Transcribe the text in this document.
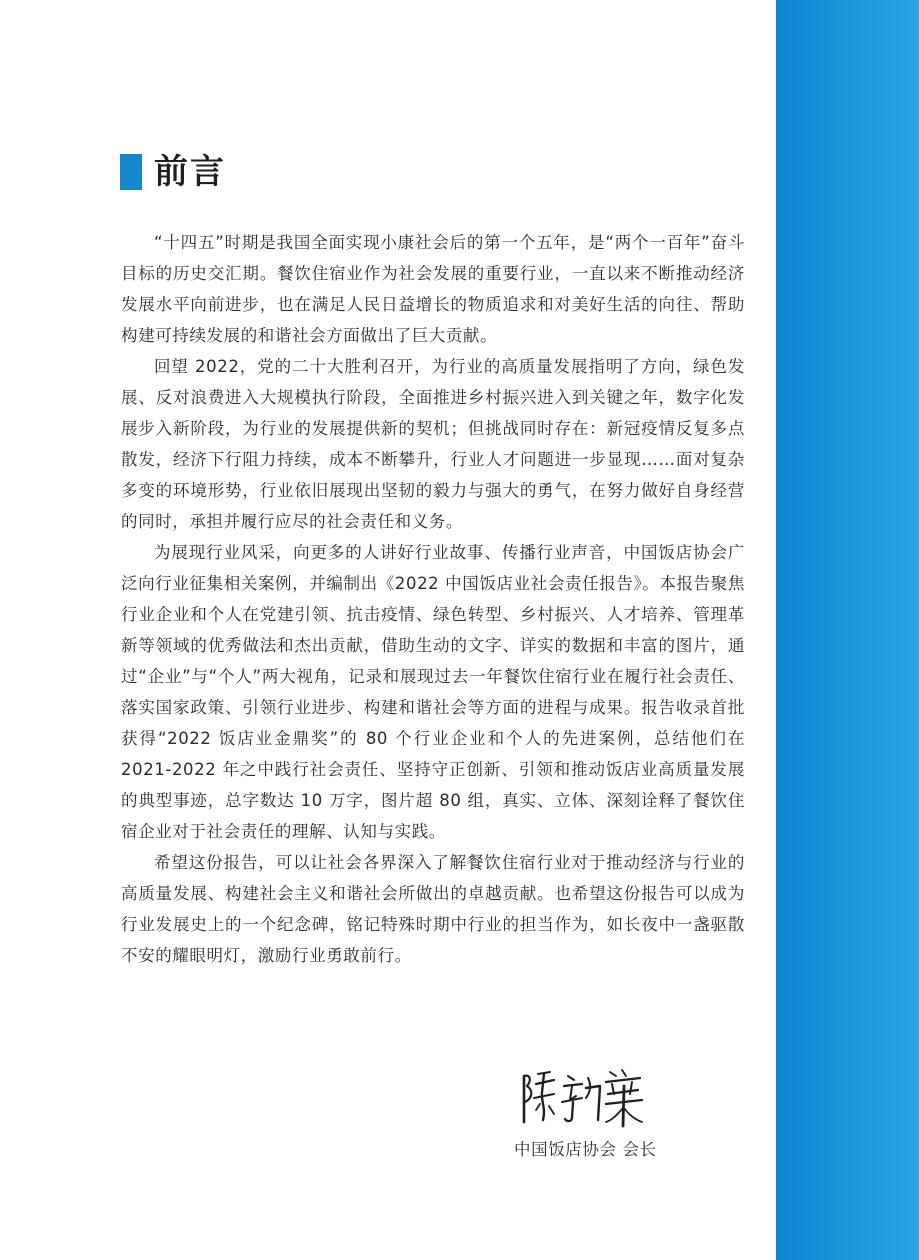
前言

“十四五”时期是我国全面实现小康社会后的第一个五年，是“两个一百年”奋斗目标的历史交汇期。餐饮住宿业作为社会发展的重要行业，一直以来不断推动经济发展水平向前进步，也在满足人民日益增长的物质追求和对美好生活的向往、帮助构建可持续发展的和谐社会方面做出了巨大贡献。

回望 2022，党的二十大胜利召开，为行业的高质量发展指明了方向，绿色发展、反对浪费进入大规模执行阶段，全面推进乡村振兴进入到关键之年，数字化发展步入新阶段，为行业的发展提供新的契机；但挑战同时存在：新冠疫情反复多点散发，经济下行阻力持续，成本不断攀升，行业人才问题进一步显现……面对复杂多变的环境形势，行业依旧展现出坚韧的毅力与强大的勇气，在努力做好自身经营的同时，承担并履行应尽的社会责任和义务。

为展现行业风采，向更多的人讲好行业故事、传播行业声音，中国饭店协会广泛向行业征集相关案例，并编制出《2022 中国饭店业社会责任报告》。本报告聚焦行业企业和个人在党建引领、抗击疫情、绿色转型、乡村振兴、人才培养、管理革新等领域的优秀做法和杰出贡献，借助生动的文字、详实的数据和丰富的图片，通过“企业”与“个人”两大视角，记录和展现过去一年餐饮住宿行业在履行社会责任、落实国家政策、引领行业进步、构建和谐社会等方面的进程与成果。报告收录首批获得“2022 饭店业金鼎奖”的 80 个行业企业和个人的先进案例，总结他们在 2021-2022 年之中践行社会责任、坚持守正创新、引领和推动饭店业高质量发展的典型事迹，总字数达 10 万字，图片超 80 组，真实、立体、深刻诠释了餐饮住宿企业对于社会责任的理解、认知与实践。

希望这份报告，可以让社会各界深入了解餐饮住宿行业对于推动经济与行业的高质量发展、构建社会主义和谐社会所做出的卓越贡献。也希望这份报告可以成为行业发展史上的一个纪念碑，铭记特殊时期中行业的担当作为，如长夜中一盏驱散不安的耀眼明灯，激励行业勇敢前行。

中国饭店协会 会长
